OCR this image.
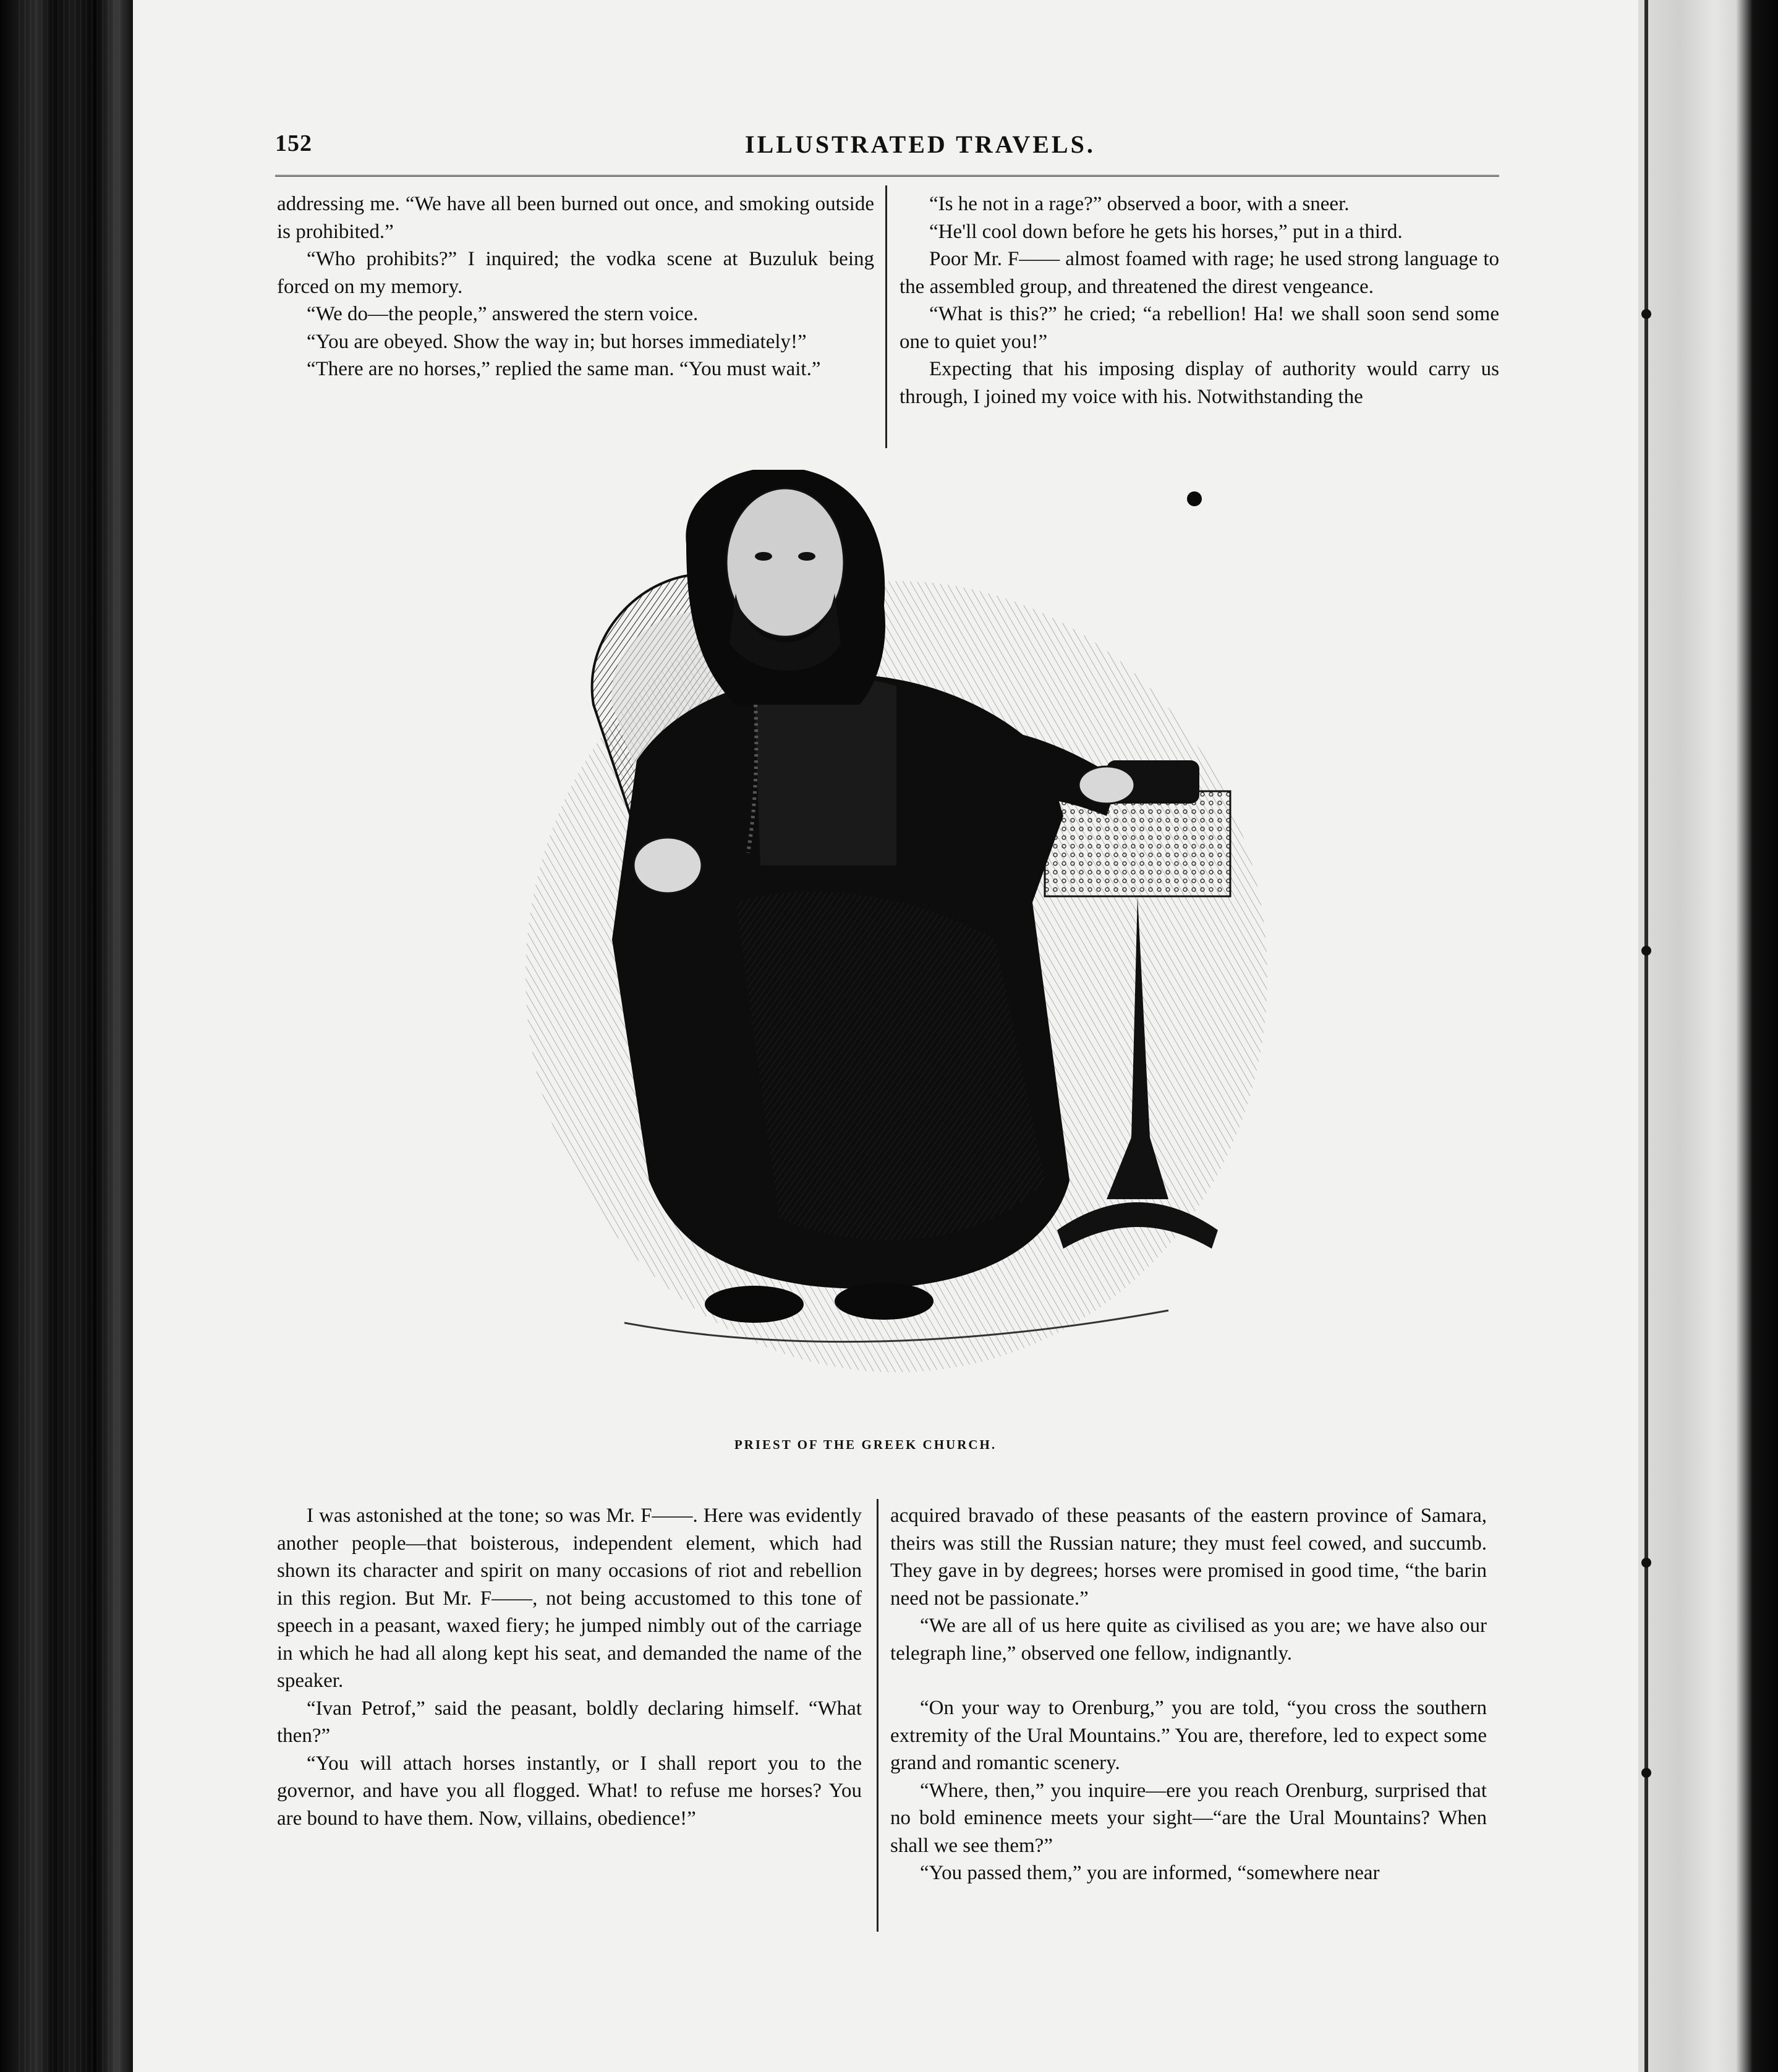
152	ILLUSTRATED TRAVELS.

addressing me. “We have all been burned out once, and smoking outside is prohibited.”

“Who prohibits?” I inquired; the vodka scene at Buzuluk being forced on my memory.

“We do—the people,” answered the stern voice.

“You are obeyed. Show the way in; but horses immediately!”

“There are no horses,” replied the same man. “You must wait.”

“Is he not in a rage?” observed a boor, with a sneer.

“He'll cool down before he gets his horses,” put in a third.

Poor Mr. F—— almost foamed with rage; he used strong language to the assembled group, and threatened the direst vengeance.

“What is this?” he cried; “a rebellion! Ha! we shall soon send some one to quiet you!”

Expecting that his imposing display of authority would carry us through, I joined my voice with his. Notwithstanding the

PRIEST OF THE GREEK CHURCH.

I was astonished at the tone; so was Mr. F——. Here was evidently another people—that boisterous, independent element, which had shown its character and spirit on many occasions of riot and rebellion in this region. But Mr. F——, not being accustomed to this tone of speech in a peasant, waxed fiery; he jumped nimbly out of the carriage in which he had all along kept his seat, and demanded the name of the speaker.

“Ivan Petrof,” said the peasant, boldly declaring himself. “What then?”

“You will attach horses instantly, or I shall report you to the governor, and have you all flogged. What! to refuse me horses? You are bound to have them. Now, villains, obedience!”

acquired bravado of these peasants of the eastern province of Samara, theirs was still the Russian nature; they must feel cowed, and succumb. They gave in by degrees; horses were promised in good time, “the barin need not be passionate.”

“We are all of us here quite as civilised as you are; we have also our telegraph line,” observed one fellow, indignantly.

“On your way to Orenburg,” you are told, “you cross the southern extremity of the Ural Mountains.” You are, therefore, led to expect some grand and romantic scenery.

“Where, then,” you inquire—ere you reach Orenburg, surprised that no bold eminence meets your sight—“are the Ural Mountains? When shall we see them?”

“You passed them,” you are informed, “somewhere near
